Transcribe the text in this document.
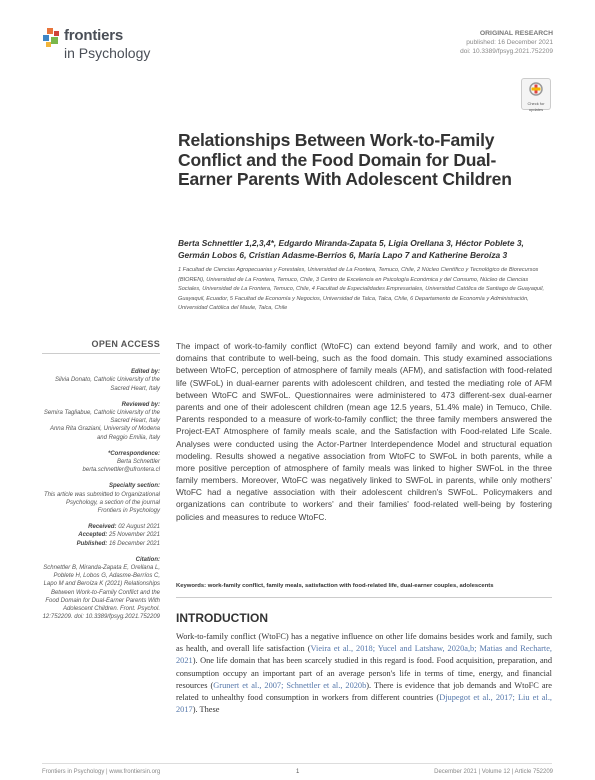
frontiers
in Psychology
ORIGINAL RESEARCH
published: 16 December 2021
doi: 10.3389/fpsyg.2021.752209
Check for
updates
Relationships Between Work-to-Family Conflict and the Food Domain for Dual-Earner Parents With Adolescent Children
Berta Schnettler 1,2,3,4*, Edgardo Miranda-Zapata 5, Ligia Orellana 3, Héctor Poblete 3, Germán Lobos 6, Cristian Adasme-Berríos 6, María Lapo 7 and Katherine Beroíza 3
1 Facultad de Ciencias Agropecuarias y Forestales, Universidad de La Frontera, Temuco, Chile, 2 Núcleo Científico y Tecnológico de Biorecursos (BIOREN), Universidad de La Frontera, Temuco, Chile, 3 Centro de Excelencia en Psicología Económica y del Consumo, Núcleo de Ciencias Sociales, Universidad de La Frontera, Temuco, Chile, 4 Facultad de Especialidades Empresariales, Universidad Católica de Santiago de Guayaquil, Guayaquil, Ecuador, 5 Facultad de Economía y Negocios, Universidad de Talca, Talca, Chile, 6 Departamento de Economía y Administración, Universidad Católica del Maule, Talca, Chile
OPEN ACCESS
Edited by:
Silvia Donato, Catholic University of the Sacred Heart, Italy
Reviewed by:
Semira Tagliabue, Catholic University of the Sacred Heart, Italy
Anna Rita Graziani, University of Modena and Reggio Emilia, Italy
*Correspondence:
Berta Schnettler
berta.schnettler@ufrontera.cl
Specialty section:
This article was submitted to Organizational Psychology, a section of the journal Frontiers in Psychology
Received: 02 August 2021
Accepted: 25 November 2021
Published: 16 December 2021
Citation:
Schnettler B, Miranda-Zapata E, Orellana L, Poblete H, Lobos G, Adasme-Berríos C, Lapo M and Beroíza K (2021) Relationships Between Work-to-Family Conflict and the Food Domain for Dual-Earner Parents With Adolescent Children. Front. Psychol. 12:752209. doi: 10.3389/fpsyg.2021.752209
The impact of work-to-family conflict (WtoFC) can extend beyond family and work, and to other domains that contribute to well-being, such as the food domain. This study examined associations between WtoFC, perception of atmosphere of family meals (AFM), and satisfaction with food-related life (SWFoL) in dual-earner parents with adolescent children, and tested the mediating role of AFM between WtoFC and SWFoL. Questionnaires were administered to 473 different-sex dual-earner parents and one of their adolescent children (mean age 12.5 years, 51.4% male) in Temuco, Chile. Parents responded to a measure of work-to-family conflict; the three family members answered the Project-EAT Atmosphere of family meals scale, and the Satisfaction with Food-related Life Scale. Analyses were conducted using the Actor-Partner Interdependence Model and structural equation modeling. Results showed a negative association from WtoFC to SWFoL in both parents, while a more positive perception of atmosphere of family meals was linked to higher SWFoL in the three family members. Moreover, WtoFC was negatively linked to SWFoL in parents, while only mothers' WtoFC had a negative association with their adolescent children's SWFoL. Policymakers and organizations can contribute to workers' and their families' food-related well-being by fostering policies and measures to reduce WtoFC.
Keywords: work-family conflict, family meals, satisfaction with food-related life, dual-earner couples, adolescents
INTRODUCTION
Work-to-family conflict (WtoFC) has a negative influence on other life domains besides work and family, such as health, and overall life satisfaction (Vieira et al., 2018; Yucel and Latshaw, 2020a,b; Matias and Recharte, 2021). One life domain that has been scarcely studied in this regard is food. Food acquisition, preparation, and consumption occupy an important part of an average person's life in terms of time, energy, and financial resources (Grunert et al., 2007; Schnettler et al., 2020b). There is evidence that job demands and WtoFC are related to unhealthy food consumption in workers from different countries (Djupegot et al., 2017; Liu et al., 2017). These
Frontiers in Psychology | www.frontiersin.org	1	December 2021 | Volume 12 | Article 752209
